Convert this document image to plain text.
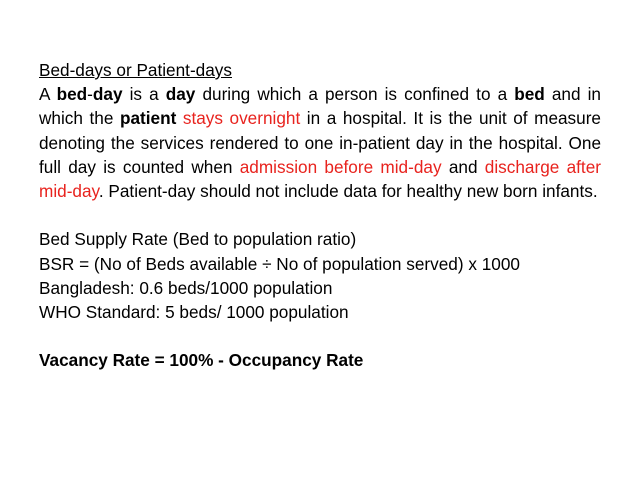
Bed-days or Patient-days

A bed-day is a day during which a person is confined to a bed and in which the patient stays overnight in a hospital. It is the unit of measure denoting the services rendered to one in-patient day in the hospital. One full day is counted when admission before mid-day and discharge after mid-day. Patient-day should not include data for healthy new born infants.

Bed Supply Rate (Bed to population ratio)
BSR = (No of Beds available ÷ No of population served) x 1000
Bangladesh: 0.6 beds/1000 population
WHO Standard: 5 beds/ 1000 population
Vacancy Rate = 100% - Occupancy Rate
